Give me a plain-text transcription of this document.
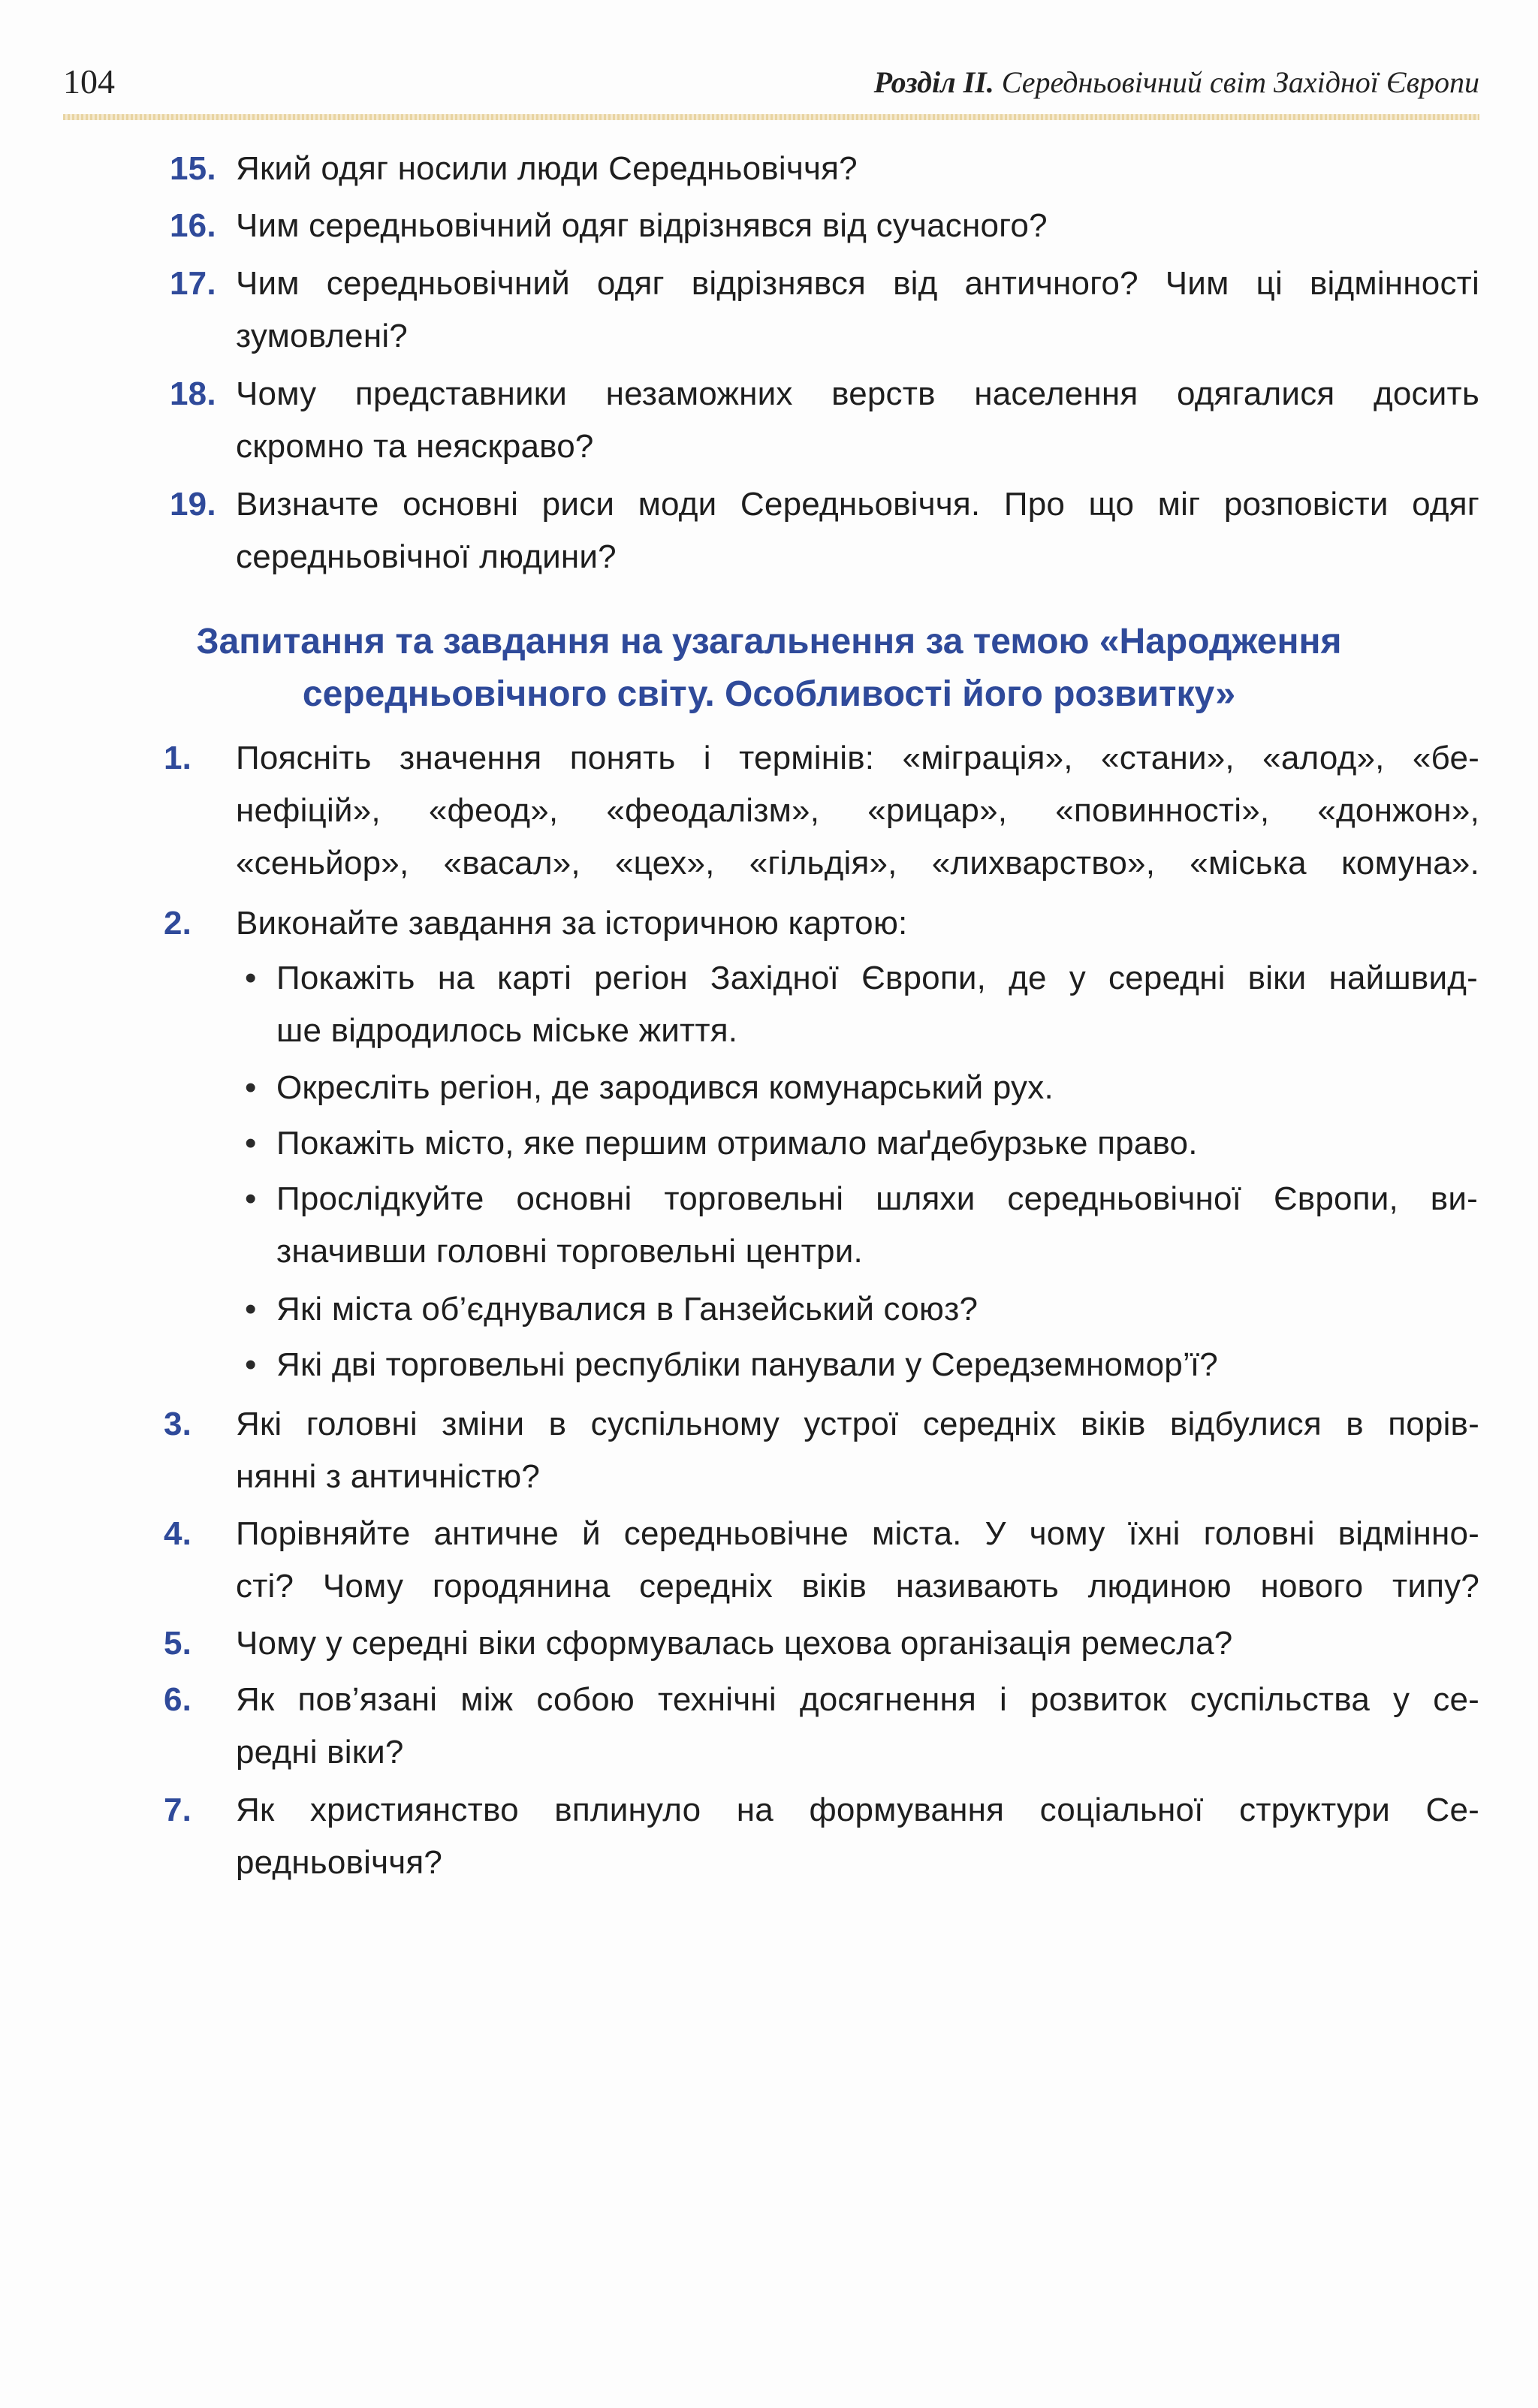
104	Розділ II. Середньовічний світ Західної Європи
15. Який одяг носили люди Середньовіччя?
16. Чим середньовічний одяг відрізнявся від сучасного?
17. Чим середньовічний одяг відрізнявся від античного? Чим ці відмінності
зумовлені?
18. Чому представники незаможних верств населення одягалися досить
скромно та неяскраво?
19. Визначте основні риси моди Середньовіччя. Про що міг розповісти одяг
середньовічної людини?
Запитання та завдання на узагальнення за темою «Народження
середньовічного світу. Особливості його розвитку»
1. Поясніть значення понять і термінів: «міграція», «стани», «алод», «бе-
нефіцій», «феод», «феодалізм», «рицар», «повинності», «донжон»,
«сеньйор», «васал», «цех», «гільдія», «лихварство», «міська комуна».
2. Виконайте завдання за історичною картою:
• Покажіть на карті регіон Західної Європи, де у середні віки найшвид-
ше відродилось міське життя.
• Окресліть регіон, де зародився комунарський рух.
• Покажіть місто, яке першим отримало маґдебурзьке право.
• Прослідкуйте основні торговельні шляхи середньовічної Європи, ви-
значивши головні торговельні центри.
• Які міста об’єднувалися в Ганзейський союз?
• Які дві торговельні республіки панували у Середземномор’ї?
3. Які головні зміни в суспільному устрої середніх віків відбулися в порів-
нянні з античністю?
4. Порівняйте античне й середньовічне міста. У чому їхні головні відмінно-
сті? Чому городянина середніх віків називають людиною нового типу?
5. Чому у середні віки сформувалась цехова організація ремесла?
6. Як пов’язані між собою технічні досягнення і розвиток суспільства у се-
редні віки?
7. Як християнство вплинуло на формування соціальної структури Се-
редньовіччя?
